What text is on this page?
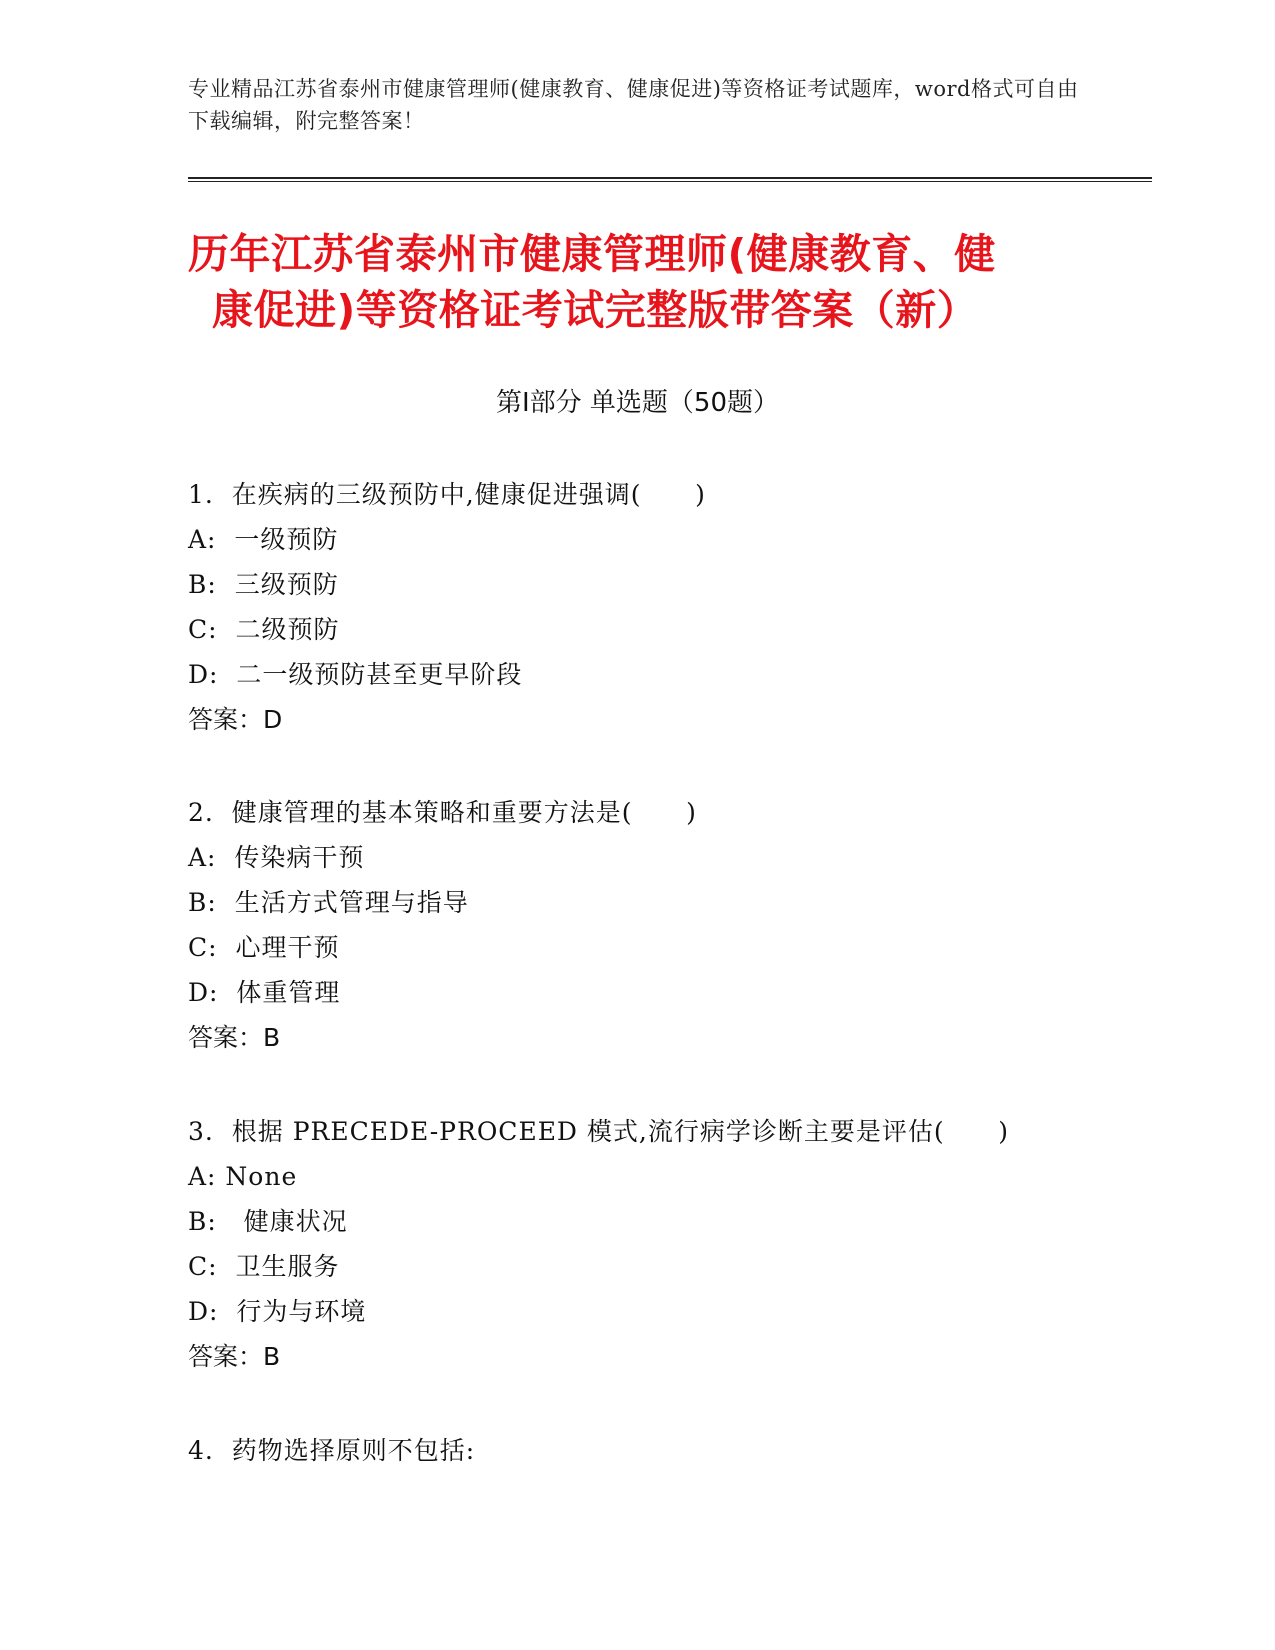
专业精品江苏省泰州市健康管理师(健康教育、健康促进)等资格证考试题库，word格式可自由下载编辑，附完整答案！
历年江苏省泰州市健康管理师(健康教育、健
康促进)等资格证考试完整版带答案（新）
第Ⅰ部分 单选题（50题）
1.  在疾病的三级预防中,健康促进强调(      )
A:  一级预防
B:  三级预防
C:  二级预防
D:  二一级预防甚至更早阶段
答案：D
2.  健康管理的基本策略和重要方法是(      )
A:  传染病干预
B:  生活方式管理与指导
C:  心理干预
D:  体重管理
答案：B
3.  根据 PRECEDE-PROCEED 模式,流行病学诊断主要是评估(      )
A: None
B:   健康状况
C:  卫生服务
D:  行为与环境
答案：B
4.  药物选择原则不包括:
